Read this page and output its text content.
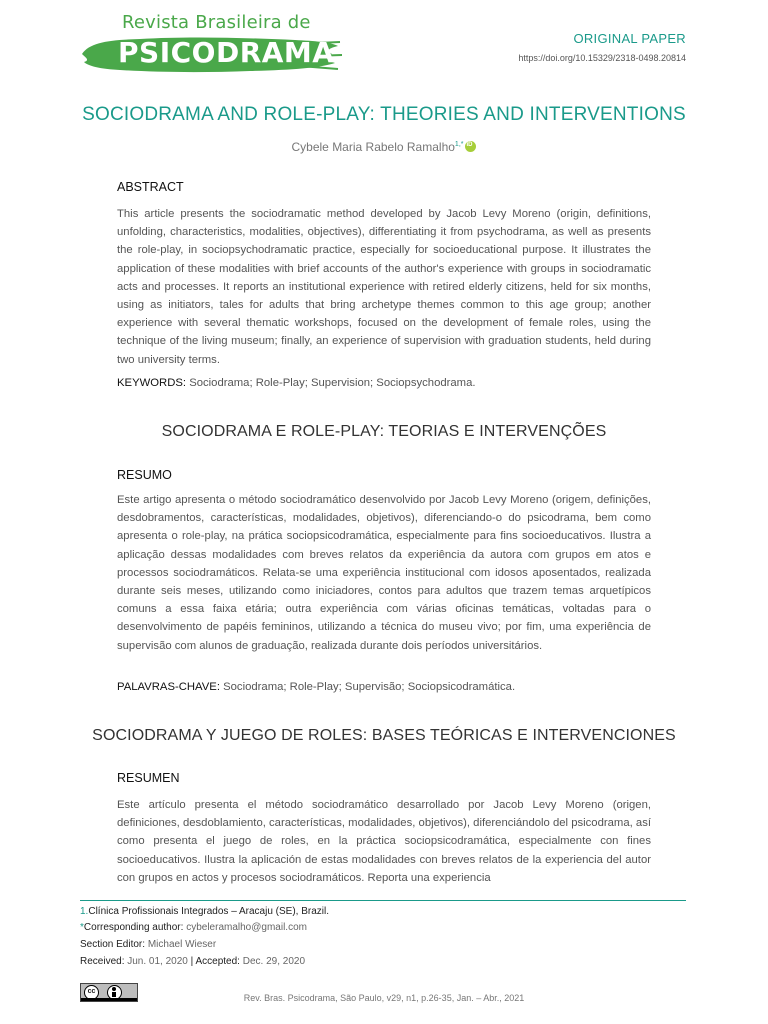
Revista Brasileira de
PSICODRAMA	ORIGINAL PAPER
https://doi.org/10.15329/2318-0498.20814
SOCIODRAMA AND ROLE-PLAY: THEORIES AND INTERVENTIONS
Cybele Maria Rabelo Ramalho$^{1,*}$iD
ABSTRACT

This article presents the sociodramatic method developed by Jacob Levy Moreno (origin, definitions, unfolding, characteristics, modalities, objectives), differentiating it from psychodrama, as well as presents the role-play, in sociopsychodramatic practice, especially for socioeducational purpose. It illustrates the application of these modalities with brief accounts of the author's experience with groups in sociodramatic acts and processes. It reports an institutional experience with retired elderly citizens, held for six months, using as initiators, tales for adults that bring archetype themes common to this age group; another experience with several thematic workshops, focused on the development of female roles, using the technique of the living museum; finally, an experience of supervision with graduation students, held during two university terms.

KEYWORDS: Sociodrama; Role-Play; Supervision; Sociopsychodrama.
SOCIODRAMA E ROLE-PLAY: TEORIAS E INTERVENÇÕES
RESUMO

Este artigo apresenta o método sociodramático desenvolvido por Jacob Levy Moreno (origem, definições, desdobramentos, características, modalidades, objetivos), diferenciando-o do psicodrama, bem como apresenta o role-play, na prática sociopsicodramática, especialmente para fins socioeducativos. Ilustra a aplicação dessas modalidades com breves relatos da experiência da autora com grupos em atos e processos sociodramáticos. Relata-se uma experiência institucional com idosos aposentados, realizada durante seis meses, utilizando como iniciadores, contos para adultos que trazem temas arquetípicos comuns a essa faixa etária; outra experiência com várias oficinas temáticas, voltadas para o desenvolvimento de papéis femininos, utilizando a técnica do museu vivo; por fim, uma experiência de supervisão com alunos de graduação, realizada durante dois períodos universitários.

PALAVRAS-CHAVE: Sociodrama; Role-Play; Supervisão; Sociopsicodramática.
SOCIODRAMA Y JUEGO DE ROLES: BASES TEÓRICAS E INTERVENCIONES
RESUMEN

Este artículo presenta el método sociodramático desarrollado por Jacob Levy Moreno (origen, definiciones, desdoblamiento, características, modalidades, objetivos), diferenciándolo del psicodrama, así como presenta el juego de roles, en la práctica sociopsicodramática, especialmente con fines socioeducativos. Ilustra la aplicación de estas modalidades con breves relatos de la experiencia del autor con grupos en actos y procesos sociodramáticos. Reporta una experiencia

1.Clínica Profissionais Integrados – Aracaju (SE), Brazil.
*Corresponding author: cybeleramalho@gmail.com
Section Editor: Michael Wieser
Received: Jun. 01, 2020 | Accepted: Dec. 29, 2020
cc
Rev. Bras. Psicodrama, São Paulo, v29, n1, p.26-35, Jan. – Abr., 2021
